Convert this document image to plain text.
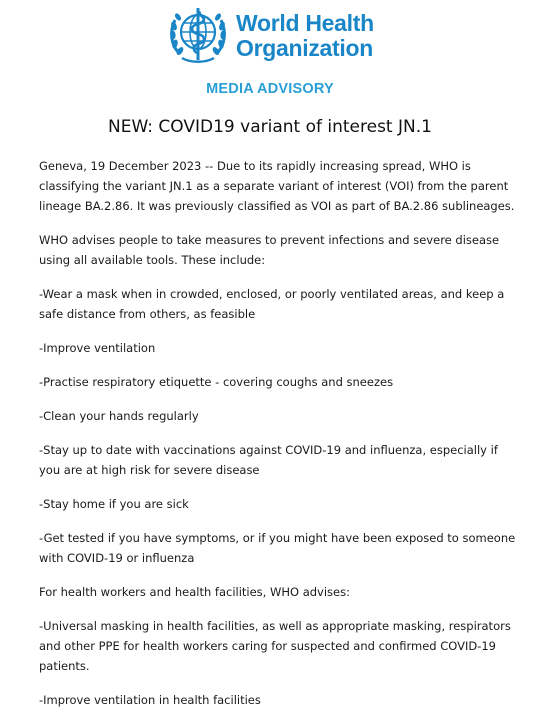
World Health
Organization
MEDIA ADVISORY
NEW: COVID19 variant of interest JN.1

Geneva, 19 December 2023 -- Due to its rapidly increasing spread, WHO is classifying the variant JN.1 as a separate variant of interest (VOI) from the parent lineage BA.2.86. It was previously classified as VOI as part of BA.2.86 sublineages.

WHO advises people to take measures to prevent infections and severe disease using all available tools. These include:

-Wear a mask when in crowded, enclosed, or poorly ventilated areas, and keep a safe distance from others, as feasible

-Improve ventilation

-Practise respiratory etiquette - covering coughs and sneezes

-Clean your hands regularly

-Stay up to date with vaccinations against COVID-19 and influenza, especially if you are at high risk for severe disease

-Stay home if you are sick

-Get tested if you have symptoms, or if you might have been exposed to someone with COVID-19 or influenza

For health workers and health facilities, WHO advises:

-Universal masking in health facilities, as well as appropriate masking, respirators and other PPE for health workers caring for suspected and confirmed COVID-19 patients.

-Improve ventilation in health facilities
